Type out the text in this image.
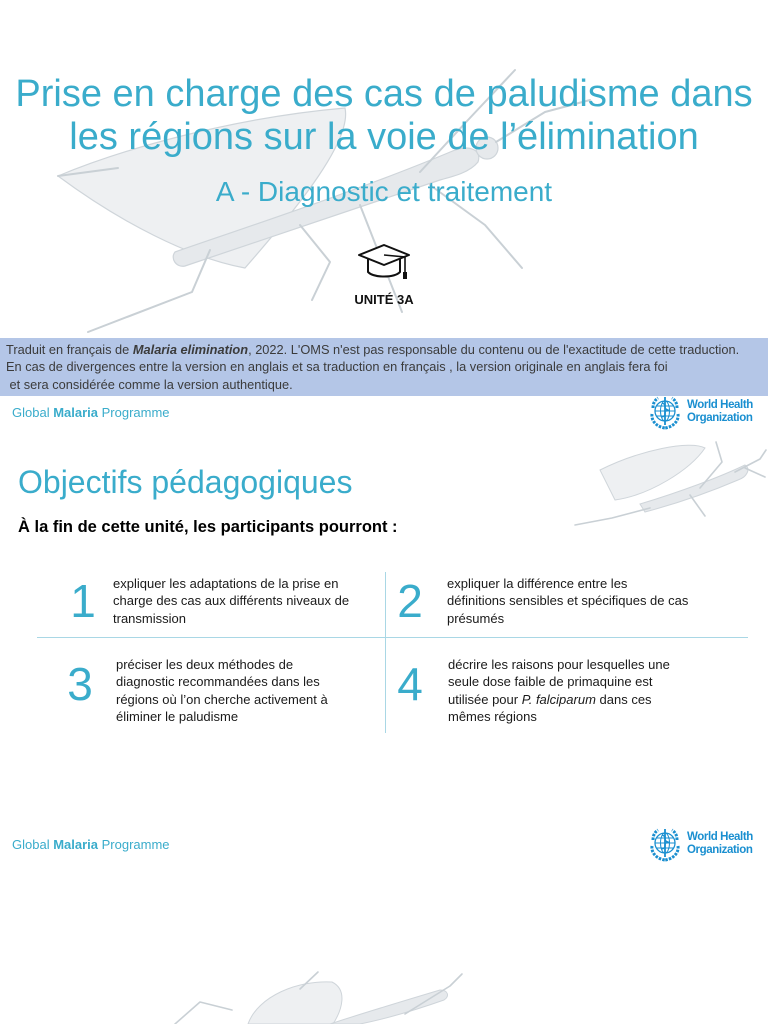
Prise en charge des cas de paludisme dans
les régions sur la voie de l’élimination
A - Diagnostic et traitement
UNITÉ 3A
Traduit en français de Malaria elimination, 2022. L'OMS n'est pas responsable du contenu ou de l'exactitude de cette traduction.
En cas de divergences entre la version en anglais et sa traduction en français , la version originale en anglais fera foi
et sera considérée comme la version authentique.
Global Malaria Programme	World Health
Organization
Objectifs pédagogiques
À la fin de cette unité, les participants pourront :
1	expliquer les adaptations de la prise en
charge des cas aux différents niveaux de
transmission	2	expliquer la différence entre les
définitions sensibles et spécifiques de cas
présumés
3	préciser les deux méthodes de
diagnostic recommandées dans les
régions où l’on cherche activement à
éliminer le paludisme
4	décrire les raisons pour lesquelles une
seule dose faible de primaquine est
utilisée pour P. falciparum dans ces
mêmes régions
Global Malaria Programme	World Health
Organization
